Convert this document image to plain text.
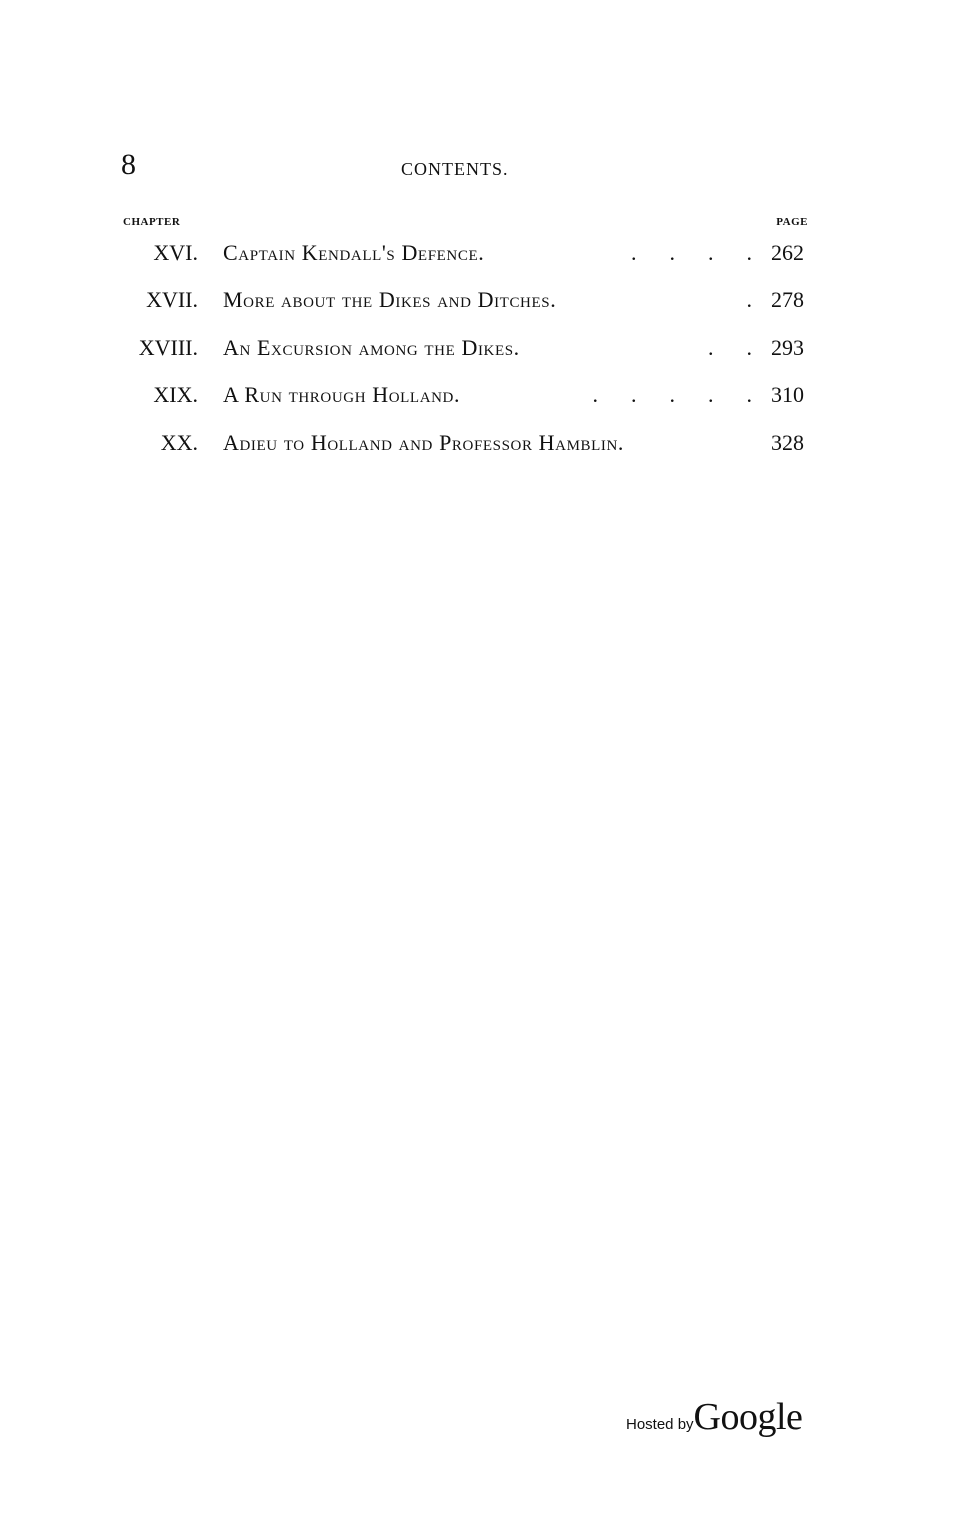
8	CONTENTS.
CHAPTER	PAGE
XVI. Captain Kendall's Defence.	.      .      .      . 262
XVII. More about the Dikes and Ditches.	. 278
XVIII. An Excursion among the Dikes.	.      . 293
XIX. A Run through Holland.	.      .      .      .      . 310
XX. Adieu to Holland and Professor Hamblin.	328
Hosted byGoogle
